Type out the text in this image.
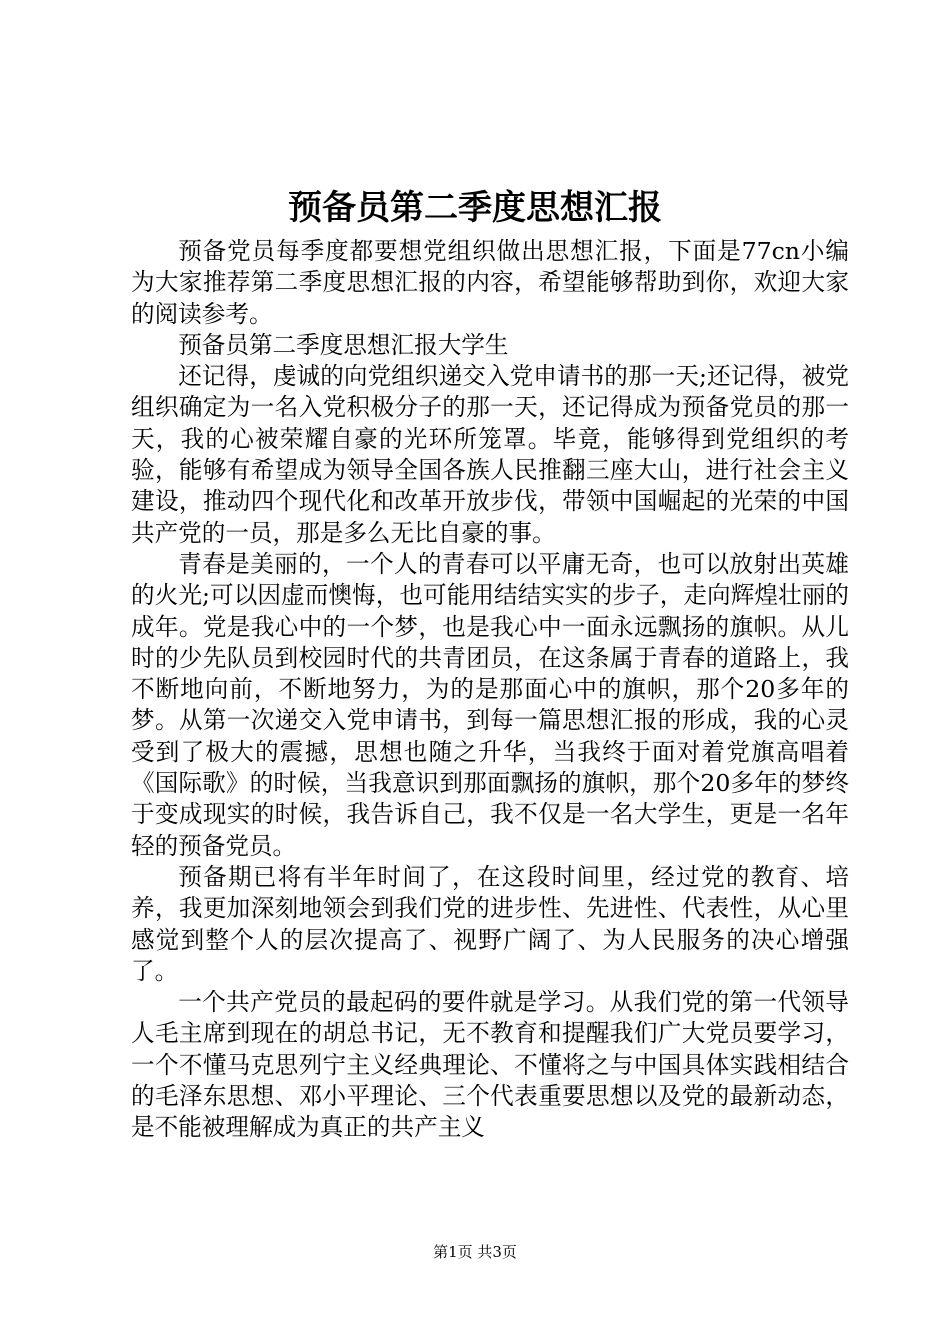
预备员第二季度思想汇报

预备党员每季度都要想党组织做出思想汇报，下面是77cn小编为大家推荐第二季度思想汇报的内容，希望能够帮助到你，欢迎大家的阅读参考。

预备员第二季度思想汇报大学生

还记得，虔诚的向党组织递交入党申请书的那一天;还记得，被党组织确定为一名入党积极分子的那一天，还记得成为预备党员的那一天，我的心被荣耀自豪的光环所笼罩。毕竟，能够得到党组织的考验，能够有希望成为领导全国各族人民推翻三座大山，进行社会主义建设，推动四个现代化和改革开放步伐，带领中国崛起的光荣的中国共产党的一员，那是多么无比自豪的事。

青春是美丽的，一个人的青春可以平庸无奇，也可以放射出英雄的火光;可以因虚而懊悔，也可能用结结实实的步子，走向辉煌壮丽的成年。党是我心中的一个梦，也是我心中一面永远飘扬的旗帜。从儿时的少先队员到校园时代的共青团员，在这条属于青春的道路上，我不断地向前，不断地努力，为的是那面心中的旗帜，那个20多年的梦。从第一次递交入党申请书，到每一篇思想汇报的形成，我的心灵受到了极大的震撼，思想也随之升华，当我终于面对着党旗高唱着《国际歌》的时候，当我意识到那面飘扬的旗帜，那个20多年的梦终于变成现实的时候，我告诉自己，我不仅是一名大学生，更是一名年轻的预备党员。

预备期已将有半年时间了，在这段时间里，经过党的教育、培养，我更加深刻地领会到我们党的进步性、先进性、代表性，从心里感觉到整个人的层次提高了、视野广阔了、为人民服务的决心增强了。

一个共产党员的最起码的要件就是学习。从我们党的第一代领导人毛主席到现在的胡总书记，无不教育和提醒我们广大党员要学习，一个不懂马克思列宁主义经典理论、不懂将之与中国具体实践相结合的毛泽东思想、邓小平理论、三个代表重要思想以及党的最新动态，是不能被理解成为真正的共产主义

第1页 共3页
